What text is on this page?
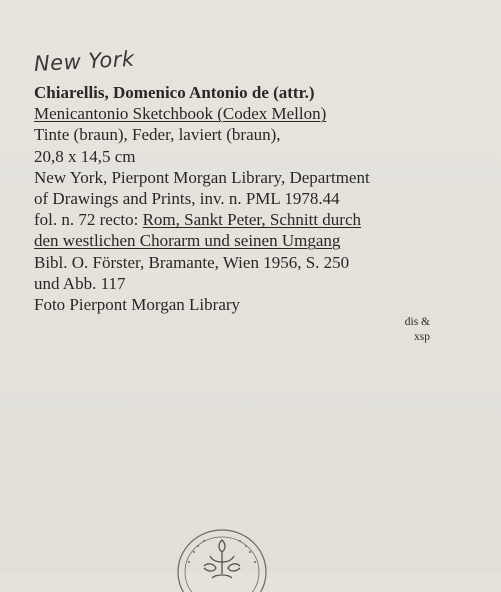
New York
Chiarellis, Domenico Antonio de (attr.)
Menicantonio Sketchbook (Codex Mellon)
Tinte (braun), Feder, laviert (braun),
20,8 x 14,5 cm
New York, Pierpont Morgan Library, Department
of Drawings and Prints, inv. n. PML 1978.44
fol. n. 72 recto: Rom, Sankt Peter, Schnitt durch
den westlichen Chorarm und seinen Umgang
Bibl. O. Förster, Bramante, Wien 1956, S. 250
und Abb. 117
Foto Pierpont Morgan Library
dis &
xsp
